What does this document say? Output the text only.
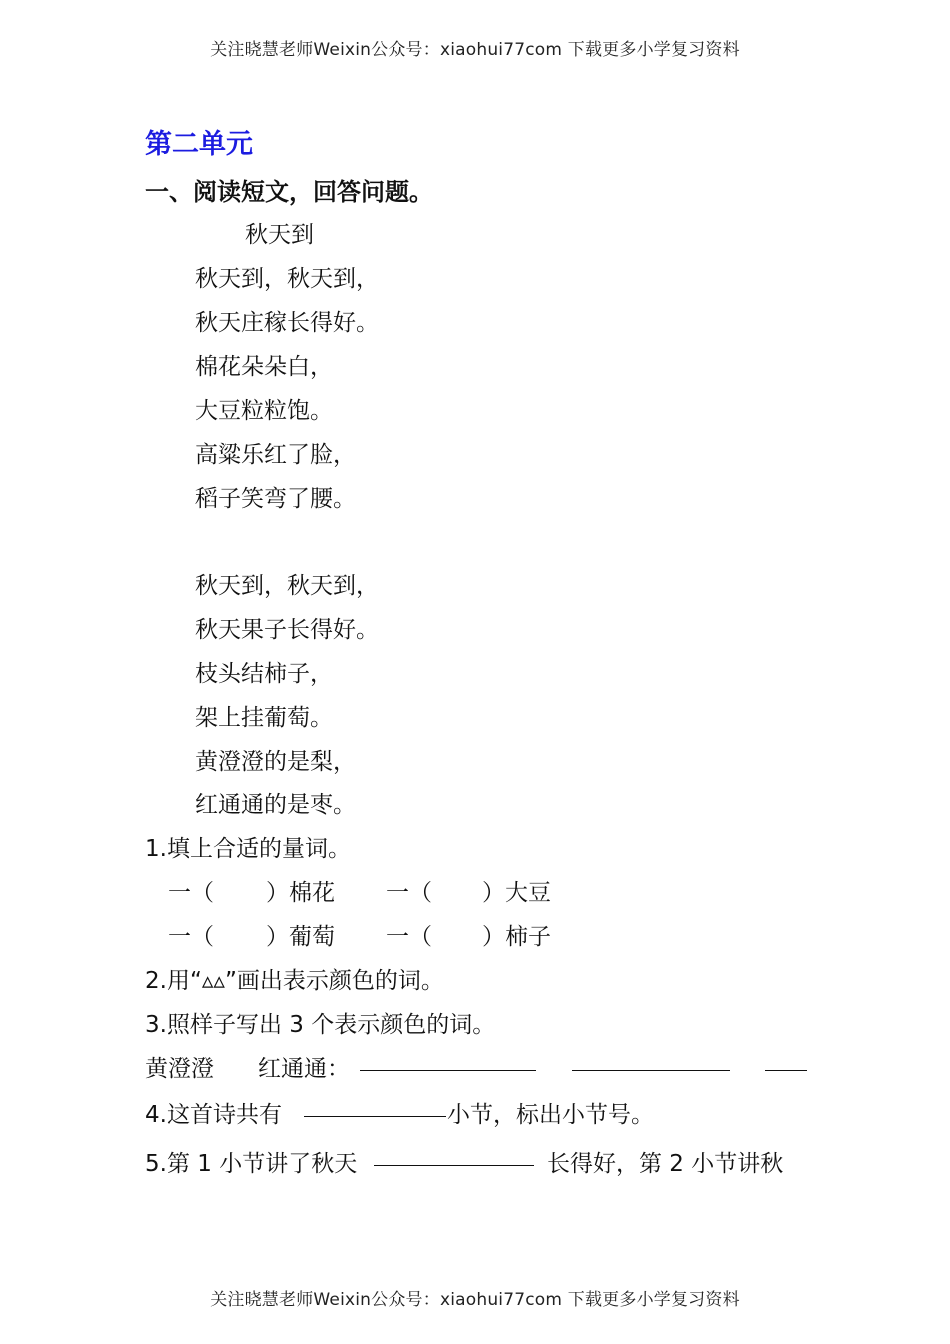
关注晓慧老师Weixin公众号：xiaohui77com 下载更多小学复习资料
第二单元
一、阅读短文，回答问题。
秋天到
秋天到，秋天到，
秋天庄稼长得好。
棉花朵朵白，
大豆粒粒饱。
高粱乐红了脸，
稻子笑弯了腰。
秋天到，秋天到，
秋天果子长得好。
枝头结柿子，
架上挂葡萄。
黄澄澄的是梨，
红通通的是枣。
1.填上合适的量词。
一（ ）棉花 一（ ）大豆
一（ ）葡萄 一（ ）柿子
2.用“▵▵”画出表示颜色的词。
3.照样子写出 3 个表示颜色的词。
黄澄澄 红通通：
4.这首诗共有	小节，标出小节号。
5.第 1 小节讲了秋天	长得好，第 2 小节讲秋
关注晓慧老师Weixin公众号：xiaohui77com 下载更多小学复习资料
